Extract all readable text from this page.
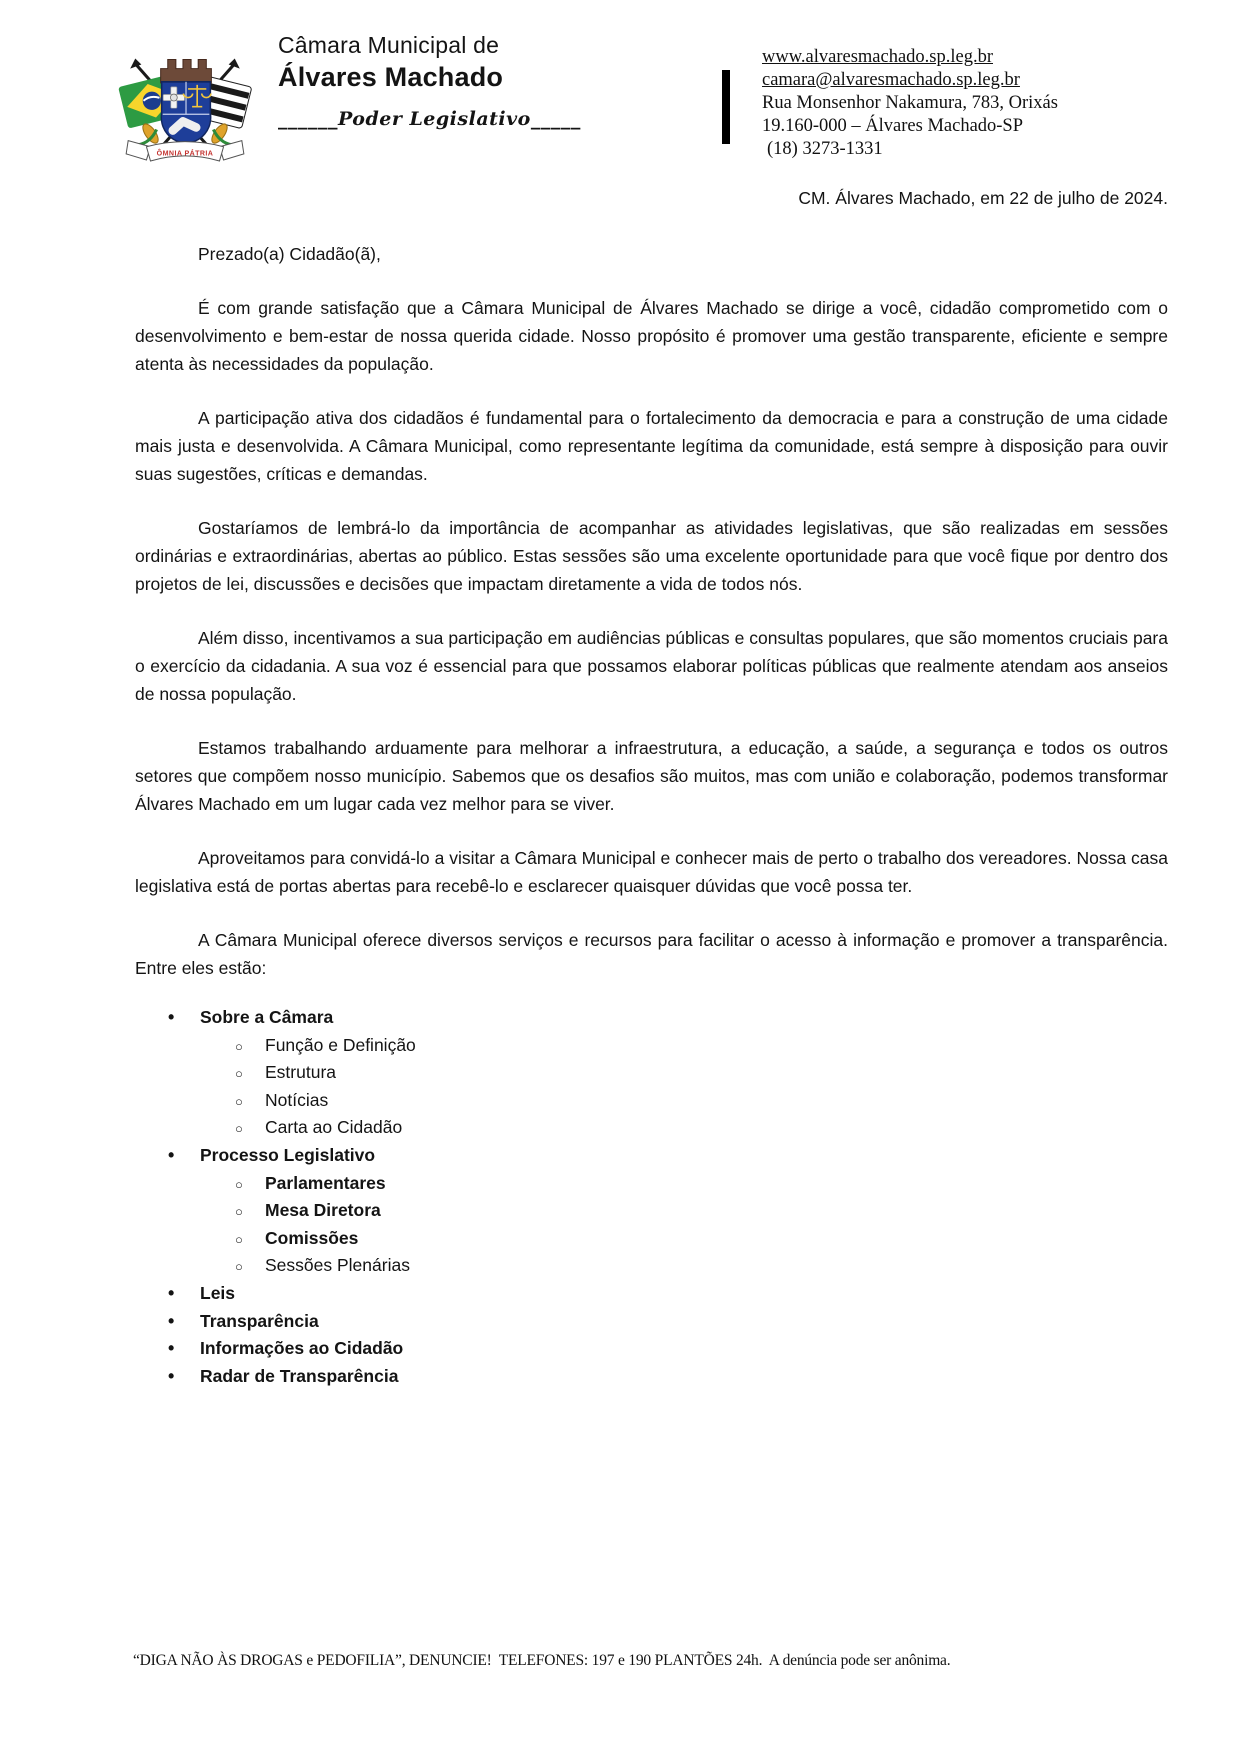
ÔMNIA PÁTRIA
Câmara Municipal de
Álvares Machado
______Poder Legislativo_____
www.alvaresmachado.sp.leg.br
camara@alvaresmachado.sp.leg.br
Rua Monsenhor Nakamura, 783, Orixás
19.160-000 – Álvares Machado-SP
(18) 3273-1331
CM. Álvares Machado, em 22 de julho de 2024.

Prezado(a) Cidadão(ã),

É com grande satisfação que a Câmara Municipal de Álvares Machado se dirige a você, cidadão comprometido com o desenvolvimento e bem-estar de nossa querida cidade. Nosso propósito é promover uma gestão transparente, eficiente e sempre atenta às necessidades da população.

A participação ativa dos cidadãos é fundamental para o fortalecimento da democracia e para a construção de uma cidade mais justa e desenvolvida. A Câmara Municipal, como representante legítima da comunidade, está sempre à disposição para ouvir suas sugestões, críticas e demandas.

Gostaríamos de lembrá-lo da importância de acompanhar as atividades legislativas, que são realizadas em sessões ordinárias e extraordinárias, abertas ao público. Estas sessões são uma excelente oportunidade para que você fique por dentro dos projetos de lei, discussões e decisões que impactam diretamente a vida de todos nós.

Além disso, incentivamos a sua participação em audiências públicas e consultas populares, que são momentos cruciais para o exercício da cidadania. A sua voz é essencial para que possamos elaborar políticas públicas que realmente atendam aos anseios de nossa população.

Estamos trabalhando arduamente para melhorar a infraestrutura, a educação, a saúde, a segurança e todos os outros setores que compõem nosso município. Sabemos que os desafios são muitos, mas com união e colaboração, podemos transformar Álvares Machado em um lugar cada vez melhor para se viver.

Aproveitamos para convidá-lo a visitar a Câmara Municipal e conhecer mais de perto o trabalho dos vereadores. Nossa casa legislativa está de portas abertas para recebê-lo e esclarecer quaisquer dúvidas que você possa ter.

A Câmara Municipal oferece diversos serviços e recursos para facilitar o acesso à informação e promover a transparência. Entre eles estão:

• Sobre a Câmara
○ Função e Definição
○ Estrutura
○ Notícias
○ Carta ao Cidadão
• Processo Legislativo
○ Parlamentares
○ Mesa Diretora
○ Comissões
○ Sessões Plenárias
• Leis
• Transparência
• Informações ao Cidadão
• Radar de Transparência
“DIGA NÃO ÀS DROGAS e PEDOFILIA”, DENUNCIE!  TELEFONES: 197 e 190 PLANTÕES 24h.  A denúncia pode ser anônima.
